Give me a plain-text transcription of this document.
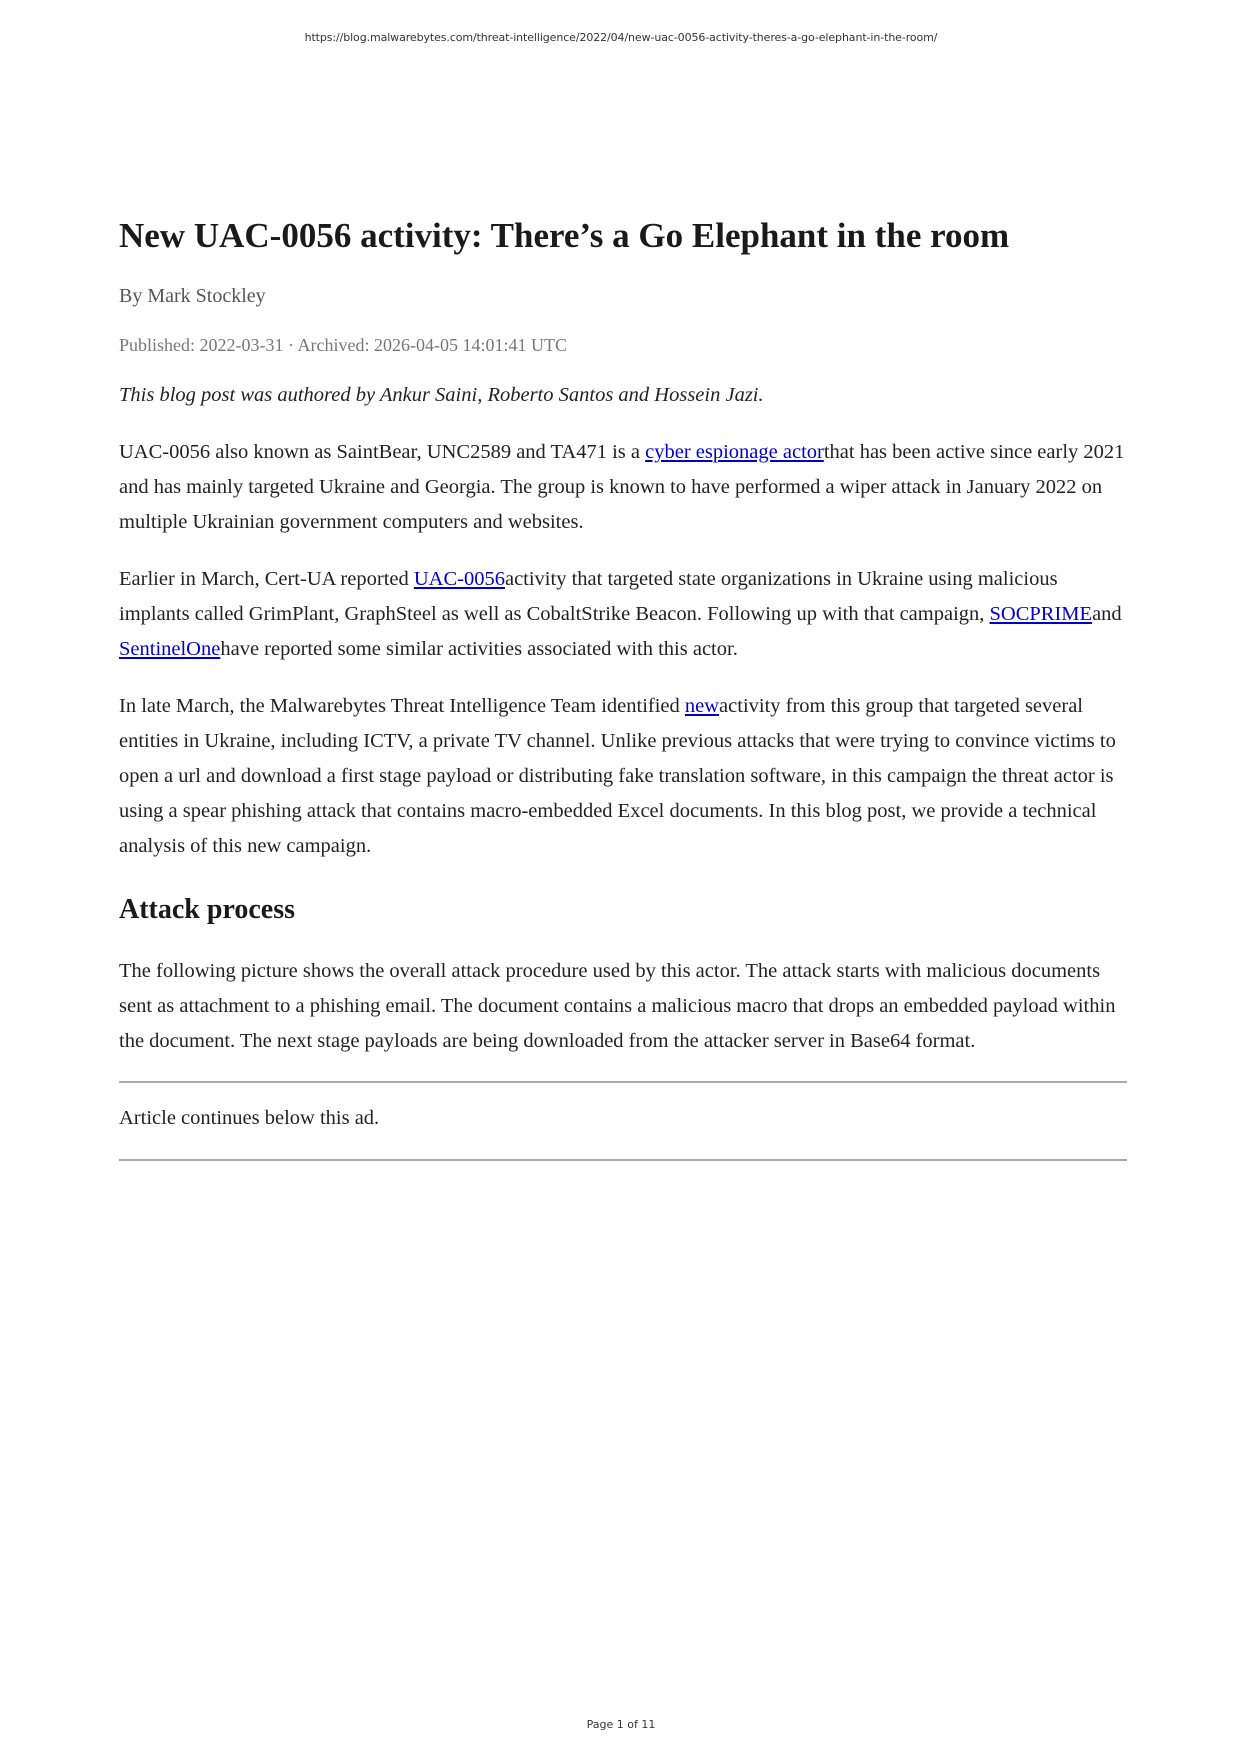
https://blog.malwarebytes.com/threat-intelligence/2022/04/new-uac-0056-activity-theres-a-go-elephant-in-the-room/
New UAC-0056 activity: There’s a Go Elephant in the room
By Mark Stockley
Published: 2022-03-31 · Archived: 2026-04-05 14:01:41 UTC

This blog post was authored by Ankur Saini, Roberto Santos and Hossein Jazi.

UAC-0056 also known as SaintBear, UNC2589 and TA471 is a cyber espionage actorthat has been active since early 2021 and has mainly targeted Ukraine and Georgia. The group is known to have performed a wiper attack in January 2022 on multiple Ukrainian government computers and websites.

Earlier in March, Cert-UA reported UAC-0056activity that targeted state organizations in Ukraine using malicious implants called GrimPlant, GraphSteel as well as CobaltStrike Beacon. Following up with that campaign, SOCPRIMEand SentinelOnehave reported some similar activities associated with this actor.

In late March, the Malwarebytes Threat Intelligence Team identified newactivity from this group that targeted several entities in Ukraine, including ICTV, a private TV channel. Unlike previous attacks that were trying to convince victims to open a url and download a first stage payload or distributing fake translation software, in this campaign the threat actor is using a spear phishing attack that contains macro-embedded Excel documents. In this blog post, we provide a technical analysis of this new campaign.

Attack process

The following picture shows the overall attack procedure used by this actor. The attack starts with malicious documents sent as attachment to a phishing email. The document contains a malicious macro that drops an embedded payload within the document. The next stage payloads are being downloaded from the attacker server in Base64 format.

Article continues below this ad.

Page 1 of 11
